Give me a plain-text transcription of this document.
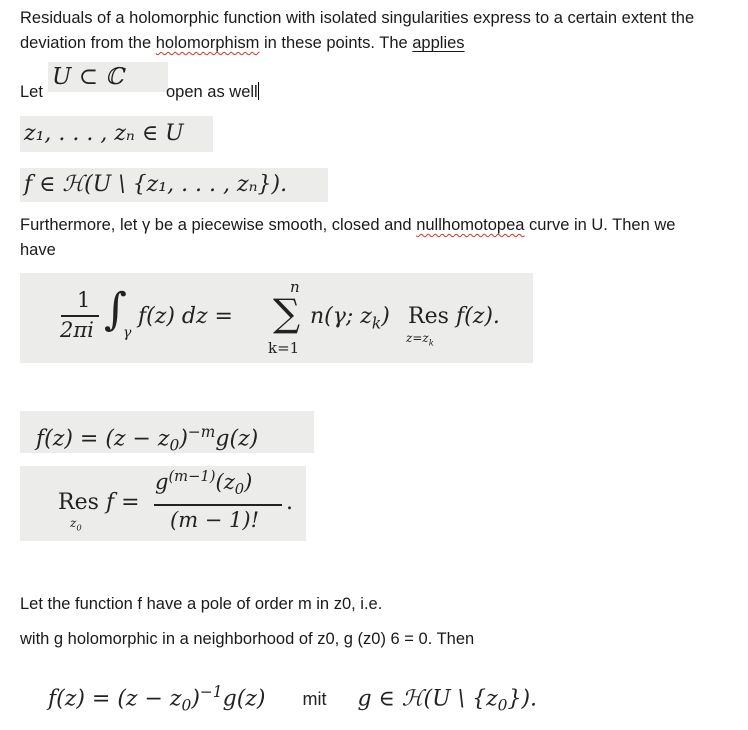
Residuals of a holomorphic function with isolated singularities express to a certain extent the
deviation from the holomorphism in these points. The applies
Let
U ⊂ ℂ
open as well
z₁, . . . , zₙ ∈ U
f ∈ ℋ(U \ {z₁, . . . , zₙ}).
Furthermore, let γ be a piecewise smooth, closed and nullhomotopea curve in U. Then we
have
1
2πi ∫
γ
f(z) dz =
n
∑
k=1
n(γ; $z_k$) Res
$z=z_k$
f(z).
$f(z) = (z - z_0)^{-m}g(z)$
Res
$z_0$
f =
$g^{(m-1)}(z_0)$
(m − 1)!
.
Let the function f have a pole of order m in z0, i.e.
with g holomorphic in a neighborhood of z0, g (z0) 6 = 0. Then
$f(z) = (z - z_0)^{-1}g(z)$ mit g ∈ ℋ(U \ $\{z_0\}$).
